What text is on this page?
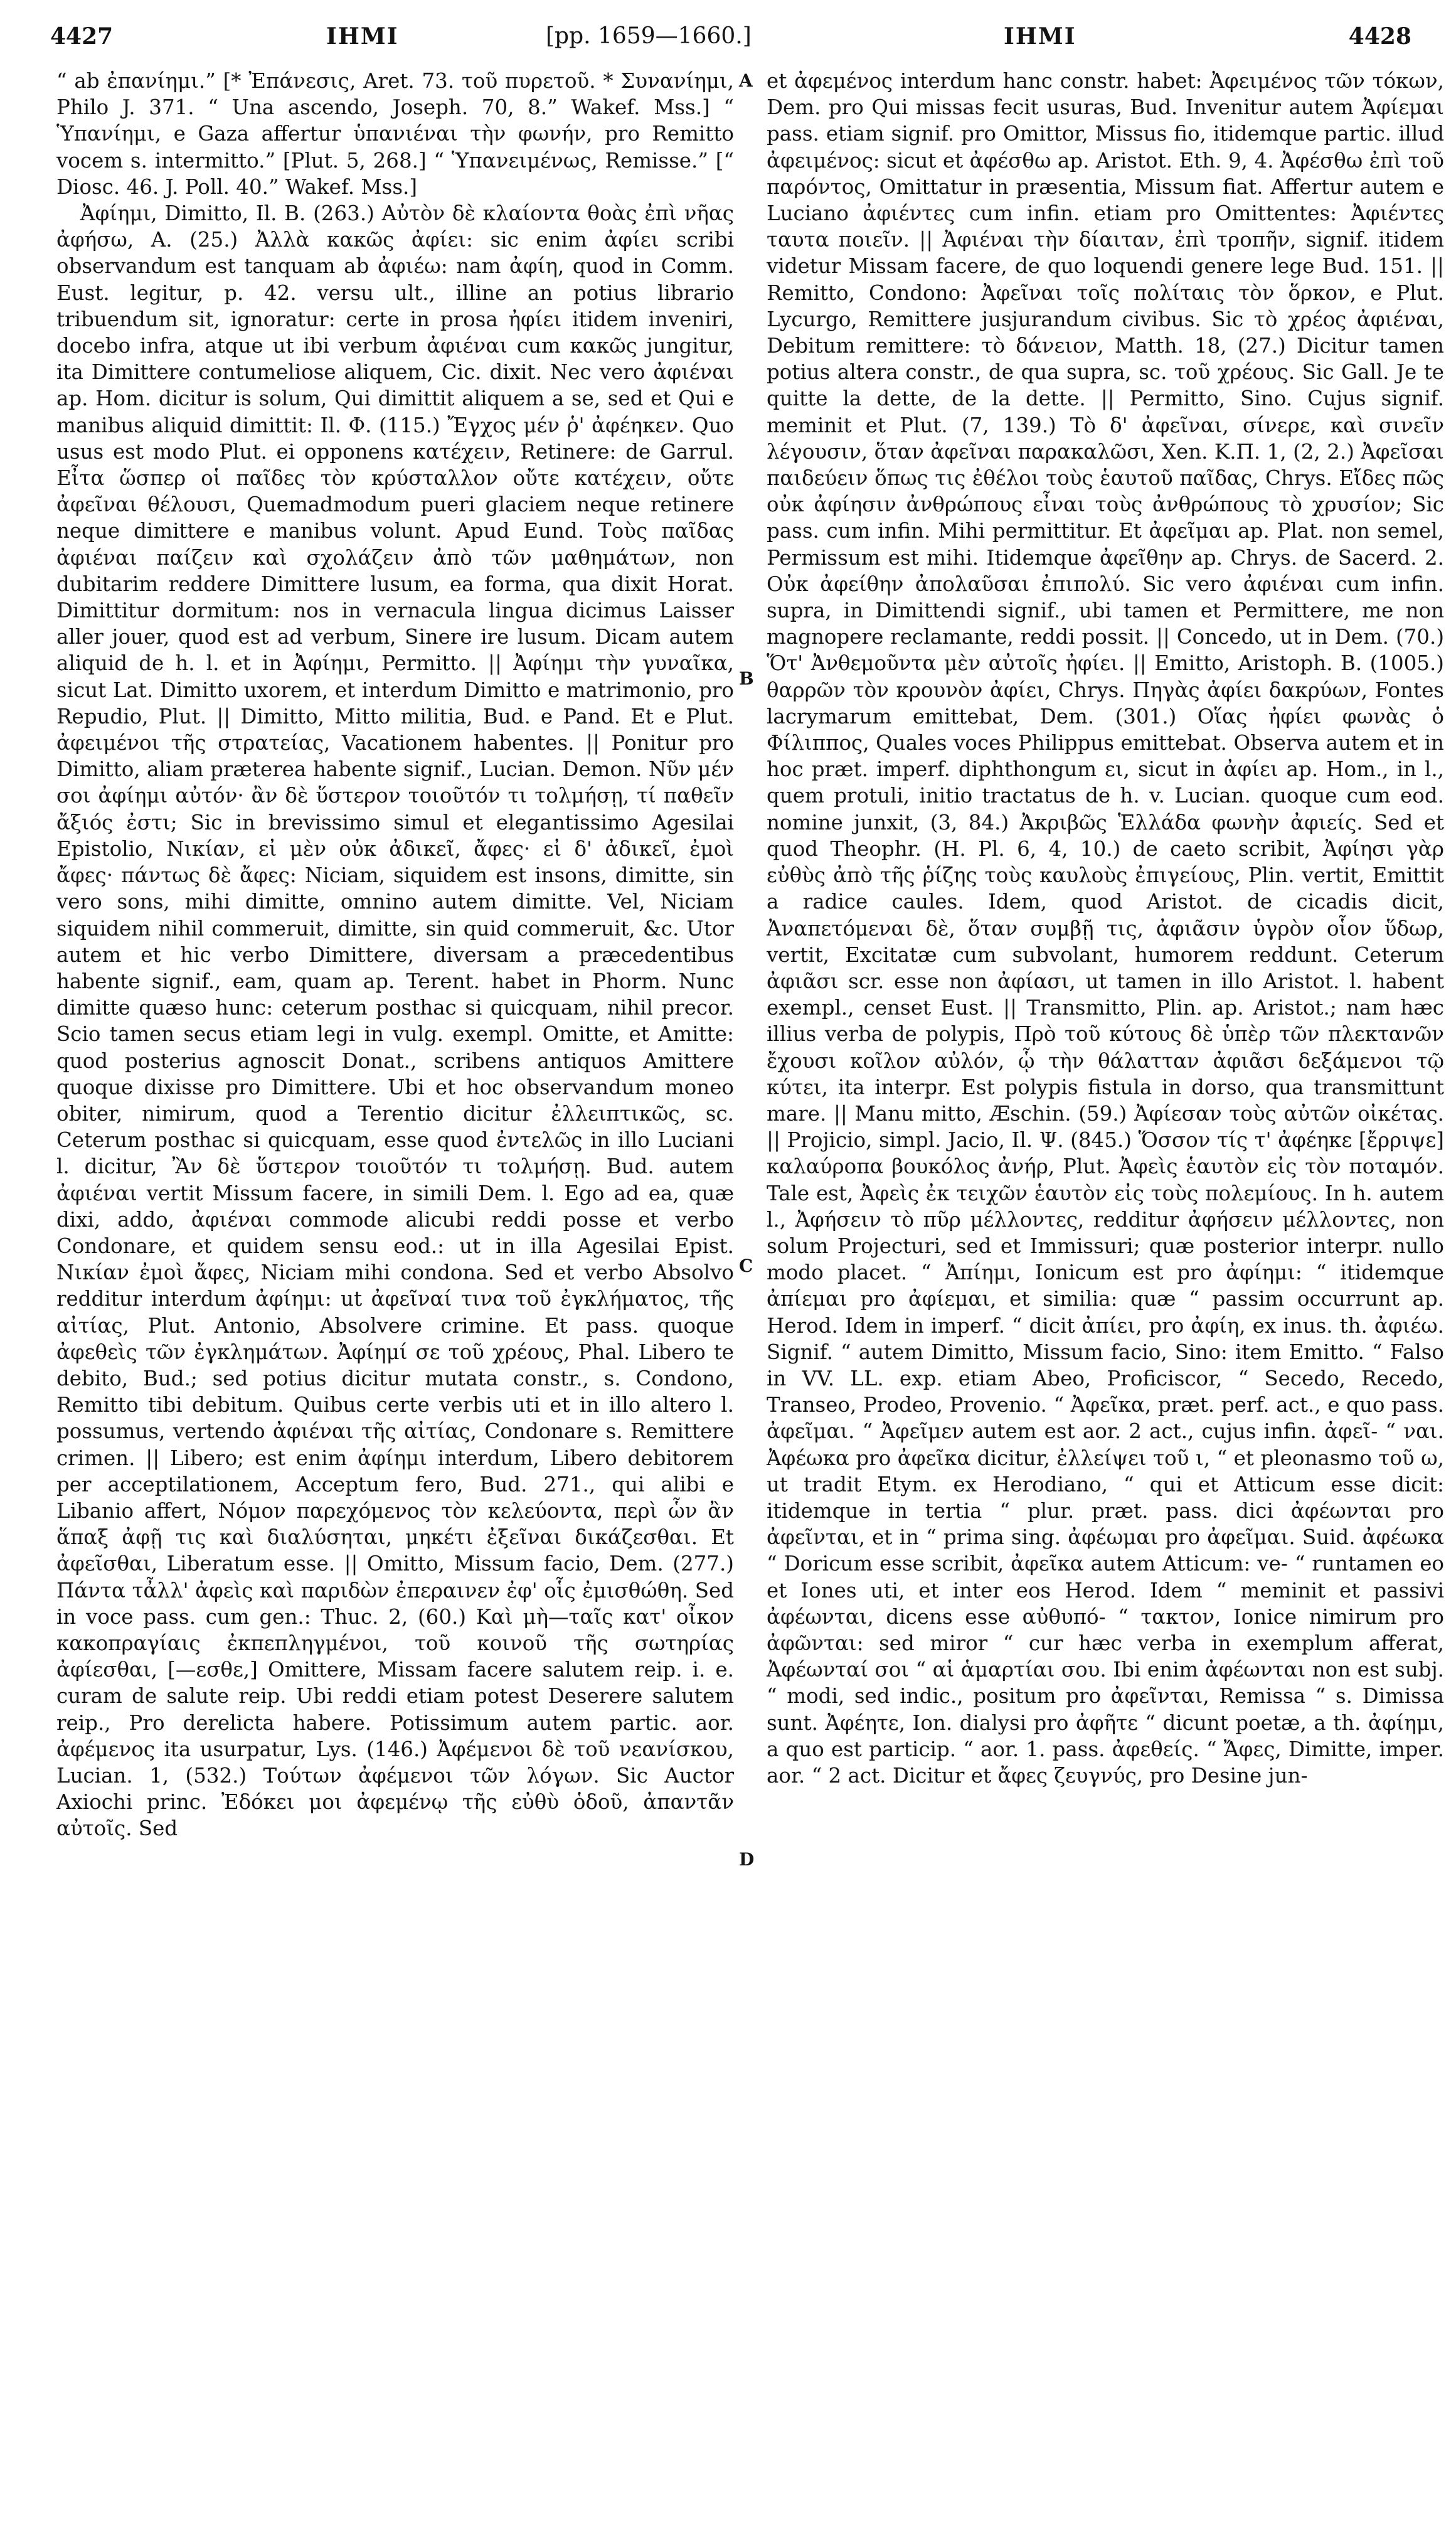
4427	ΙΗΜΙ	[pp. 1659—1660.]	ΙΗΜΙ	4428
A
B
C
D

“ ab ἐπανίημι.” [* Ἐπάνεσις, Aret. 73. τοῦ πυρετοῦ. * Συνανίημι, Philo J. 371. “ Una ascendo, Joseph. 70, 8.” Wakef. Mss.] “ Ὑπανίημι, e Gaza affertur ὑπανιέναι τὴν φωνήν, pro Remitto vocem s. intermitto.” [Plut. 5, 268.] “ Ὑπανειμένως, Remisse.” [“ Diosc. 46. J. Poll. 40.” Wakef. Mss.]

Ἀφίημι, Dimitto, Il. B. (263.) Αὐτὸν δὲ κλαίοντα θοὰς ἐπὶ νῆας ἀφήσω, A. (25.) Ἀλλὰ κακῶς ἀφίει: sic enim ἀφίει scribi observandum est tanquam ab ἀφιέω: nam ἀφίη, quod in Comm. Eust. legitur, p. 42. versu ult., illine an potius librario tribuendum sit, ignoratur: certe in prosa ἠφίει itidem inveniri, docebo infra, atque ut ibi verbum ἀφιέναι cum κακῶς jungitur, ita Dimittere contumeliose aliquem, Cic. dixit. Nec vero ἀφιέναι ap. Hom. dicitur is solum, Qui dimittit aliquem a se, sed et Qui e manibus aliquid dimittit: Il. Φ. (115.) Ἔγχος μέν ῥ' ἀφέηκεν. Quo usus est modo Plut. ei opponens κατέχειν, Retinere: de Garrul. Εἶτα ὥσπερ οἱ παῖδες τὸν κρύσταλλον οὔτε κατέχειν, οὔτε ἀφεῖναι θέλουσι, Quemadmodum pueri glaciem neque retinere neque dimittere e manibus volunt. Apud Eund. Τοὺς παῖδας ἀφιέναι παίζειν καὶ σχολάζειν ἀπὸ τῶν μαθημάτων, non dubitarim reddere Dimittere lusum, ea forma, qua dixit Horat. Dimittitur dormitum: nos in vernacula lingua dicimus Laisser aller jouer, quod est ad verbum, Sinere ire lusum. Dicam autem aliquid de h. l. et in Ἀφίημι, Permitto. || Ἀφίημι τὴν γυναῖκα, sicut Lat. Dimitto uxorem, et interdum Dimitto e matrimonio, pro Repudio, Plut. || Dimitto, Mitto militia, Bud. e Pand. Et e Plut. ἀφειμένοι τῆς στρατείας, Vacationem habentes. || Ponitur pro Dimitto, aliam præterea habente signif., Lucian. Demon. Νῦν μέν σοι ἀφίημι αὐτόν· ἂν δὲ ὕστερον τοιοῦτόν τι τολμήσῃ, τί παθεῖν ἄξιός ἐστι; Sic in brevissimo simul et elegantissimo Agesilai Epistolio, Νικίαν, εἰ μὲν οὐκ ἀδικεῖ, ἄφες· εἰ δ' ἀδικεῖ, ἐμοὶ ἄφες· πάντως δὲ ἄφες: Niciam, siquidem est insons, dimitte, sin vero sons, mihi dimitte, omnino autem dimitte. Vel, Niciam siquidem nihil commeruit, dimitte, sin quid commeruit, &c. Utor autem et hic verbo Dimittere, diversam a præcedentibus habente signif., eam, quam ap. Terent. habet in Phorm. Nunc dimitte quæso hunc: ceterum posthac si quicquam, nihil precor. Scio tamen secus etiam legi in vulg. exempl. Omitte, et Amitte: quod posterius agnoscit Donat., scribens antiquos Amittere quoque dixisse pro Dimittere. Ubi et hoc observandum moneo obiter, nimirum, quod a Terentio dicitur ἐλλειπτικῶς, sc. Ceterum posthac si quicquam, esse quod ἐντελῶς in illo Luciani l. dicitur, Ἂν δὲ ὕστερον τοιοῦτόν τι τολμήσῃ. Bud. autem ἀφιέναι vertit Missum facere, in simili Dem. l. Ego ad ea, quæ dixi, addo, ἀφιέναι commode alicubi reddi posse et verbo Condonare, et quidem sensu eod.: ut in illa Agesilai Epist. Νικίαν ἐμοὶ ἄφες, Niciam mihi condona. Sed et verbo Absolvo redditur interdum ἀφίημι: ut ἀφεῖναί τινα τοῦ ἐγκλήματος, τῆς αἰτίας, Plut. Antonio, Absolvere crimine. Et pass. quoque ἀφεθεὶς τῶν ἐγκλημάτων. Ἀφίημί σε τοῦ χρέους, Phal. Libero te debito, Bud.; sed potius dicitur mutata constr., s. Condono, Remitto tibi debitum. Quibus certe verbis uti et in illo altero l. possumus, vertendo ἀφιέναι τῆς αἰτίας, Condonare s. Remittere crimen. || Libero; est enim ἀφίημι interdum, Libero debitorem per acceptilationem, Acceptum fero, Bud. 271., qui alibi e Libanio affert, Νόμον παρεχόμενος τὸν κελεύοντα, περὶ ὧν ἂν ἅπαξ ἀφῇ τις καὶ διαλύσηται, μηκέτι ἐξεῖναι δικάζεσθαι. Et ἀφεῖσθαι, Liberatum esse. || Omitto, Missum facio, Dem. (277.) Πάντα τἆλλ' ἀφεὶς καὶ παριδὼν ἐπεραινεν ἐφ' οἷς ἐμισθώθη. Sed in voce pass. cum gen.: Thuc. 2, (60.) Καὶ μὴ—ταῖς κατ' οἶκον κακοπραγίαις ἐκπεπληγμένοι, τοῦ κοινοῦ τῆς σωτηρίας ἀφίεσθαι, [—εσθε,] Omittere, Missam facere salutem reip. i. e. curam de salute reip. Ubi reddi etiam potest Deserere salutem reip., Pro derelicta habere. Potissimum autem partic. aor. ἀφέμενος ita usurpatur, Lys. (146.) Ἀφέμενοι δὲ τοῦ νεανίσκου, Lucian. 1, (532.) Τούτων ἀφέμενοι τῶν λόγων. Sic Auctor Axiochi princ. Ἐδόκει μοι ἀφεμένῳ τῆς εὐθὺ ὁδοῦ, ἀπαντᾶν αὐτοῖς. Sed

et ἀφεμένος interdum hanc constr. habet: Ἀφειμένος τῶν τόκων, Dem. pro Qui missas fecit usuras, Bud. Invenitur autem Ἀφίεμαι pass. etiam signif. pro Omittor, Missus fio, itidemque partic. illud ἀφειμένος: sicut et ἀφέσθω ap. Aristot. Eth. 9, 4. Ἀφέσθω ἐπὶ τοῦ παρόντος, Omittatur in præsentia, Missum fiat. Affertur autem e Luciano ἀφιέντες cum infin. etiam pro Omittentes: Ἀφιέντες ταυτα ποιεῖν. || Ἀφιέναι τὴν δίαιταν, ἐπὶ τροπῆν, signif. itidem videtur Missam facere, de quo loquendi genere lege Bud. 151. || Remitto, Condono: Ἀφεῖναι τοῖς πολίταις τὸν ὅρκον, e Plut. Lycurgo, Remittere jusjurandum civibus. Sic τὸ χρέος ἀφιέναι, Debitum remittere: τὸ δάνειον, Matth. 18, (27.) Dicitur tamen potius altera constr., de qua supra, sc. τοῦ χρέους. Sic Gall. Je te quitte la dette, de la dette. || Permitto, Sino. Cujus signif. meminit et Plut. (7, 139.) Τὸ δ' ἀφεῖναι, σίνερε, καὶ σινεῖν λέγουσιν, ὅταν ἀφεῖναι παρακαλῶσι, Xen. K.Π. 1, (2, 2.) Ἀφεῖσαι παιδεύειν ὅπως τις ἐθέλοι τοὺς ἑαυτοῦ παῖδας, Chrys. Εἴδες πῶς οὐκ ἀφίησιν ἀνθρώπους εἶναι τοὺς ἀνθρώπους τὸ χρυσίον; Sic pass. cum infin. Mihi permittitur. Et ἀφεῖμαι ap. Plat. non semel, Permissum est mihi. Itidemque ἀφεῖθην ap. Chrys. de Sacerd. 2. Οὐκ ἀφείθην ἀπολαῦσαι ἐπιπολύ. Sic vero ἀφιέναι cum infin. supra, in Dimittendi signif., ubi tamen et Permittere, me non magnopere reclamante, reddi possit. || Concedo, ut in Dem. (70.) Ὅτ' Ἀνθεμοῦντα μὲν αὐτοῖς ἠφίει. || Emitto, Aristoph. B. (1005.) θαρρῶν τὸν κρουνὸν ἀφίει, Chrys. Πηγὰς ἀφίει δακρύων, Fontes lacrymarum emittebat, Dem. (301.) Οἵας ἠφίει φωνὰς ὁ Φίλιππος, Quales voces Philippus emittebat. Observa autem et in hoc præt. imperf. diphthongum ει, sicut in ἀφίει ap. Hom., in l., quem protuli, initio tractatus de h. v. Lucian. quoque cum eod. nomine junxit, (3, 84.) Ἀκριβῶς Ἑλλάδα φωνὴν ἀφιείς. Sed et quod Theophr. (H. Pl. 6, 4, 10.) de caeto scribit, Ἀφίησι γὰρ εὐθὺς ἀπὸ τῆς ῥίζης τοὺς καυλοὺς ἐπιγείους, Plin. vertit, Emittit a radice caules. Idem, quod Aristot. de cicadis dicit, Ἀναπετόμεναι δὲ, ὅταν συμβῇ τις, ἀφιᾶσιν ὑγρὸν οἷον ὕδωρ, vertit, Excitatæ cum subvolant, humorem reddunt. Ceterum ἀφιᾶσι scr. esse non ἀφίασι, ut tamen in illo Aristot. l. habent exempl., censet Eust. || Transmitto, Plin. ap. Aristot.; nam hæc illius verba de polypis, Πρὸ τοῦ κύτους δὲ ὑπὲρ τῶν πλεκτανῶν ἔχουσι κοῖλον αὐλόν, ᾧ τὴν θάλατταν ἀφιᾶσι δεξάμενοι τῷ κύτει, ita interpr. Est polypis fistula in dorso, qua transmittunt mare. || Manu mitto, Æschin. (59.) Ἀφίεσαν τοὺς αὐτῶν οἰκέτας. || Projicio, simpl. Jacio, Il. Ψ. (845.) Ὅσσον τίς τ' ἀφέηκε [ἔρριψε] καλαύροπα βουκόλος ἀνήρ, Plut. Ἀφεὶς ἑαυτὸν εἰς τὸν ποταμόν. Tale est, Ἀφεὶς ἐκ τειχῶν ἑαυτὸν εἰς τοὺς πολεμίους. In h. autem l., Ἀφήσειν τὸ πῦρ μέλλοντες, redditur ἀφήσειν μέλλοντες, non solum Projecturi, sed et Immissuri; quæ posterior interpr. nullo modo placet. “ Ἀπίημι, Ionicum est pro ἀφίημι: “ itidemque ἀπίεμαι pro ἀφίεμαι, et similia: quæ “ passim occurrunt ap. Herod. Idem in imperf. “ dicit ἀπίει, pro ἀφίη, ex inus. th. ἀφιέω. Signif. “ autem Dimitto, Missum facio, Sino: item Emitto. “ Falso in VV. LL. exp. etiam Abeo, Proficiscor, “ Secedo, Recedo, Transeo, Prodeo, Provenio. “ Ἀφεῖκα, præt. perf. act., e quo pass. ἀφεῖμαι. “ Ἀφεῖμεν autem est aor. 2 act., cujus infin. ἀφεῖ- “ ναι. Ἀφέωκα pro ἀφεῖκα dicitur, ἐλλείψει τοῦ ι, “ et pleonasmo τοῦ ω, ut tradit Etym. ex Herodiano, “ qui et Atticum esse dicit: itidemque in tertia “ plur. præt. pass. dici ἀφέωνται pro ἀφεῖνται, et in “ prima sing. ἀφέωμαι pro ἀφεῖμαι. Suid. ἀφέωκα “ Doricum esse scribit, ἀφεῖκα autem Atticum: ve- “ runtamen eo et Iones uti, et inter eos Herod. Idem “ meminit et passivi ἀφέωνται, dicens esse αὐθυπό- “ τακτον, Ionice nimirum pro ἀφῶνται: sed miror “ cur hæc verba in exemplum afferat, Ἀφέωνταί σοι “ αἱ ἁμαρτίαι σου. Ibi enim ἀφέωνται non est subj. “ modi, sed indic., positum pro ἀφεῖνται, Remissa “ s. Dimissa sunt. Ἀφέητε, Ion. dialysi pro ἀφῆτε “ dicunt poetæ, a th. ἀφίημι, a quo est particip. “ aor. 1. pass. ἀφεθείς. “ Ἄφες, Dimitte, imper. aor. “ 2 act. Dicitur et ἄφες ζευγνύς, pro Desine jun-
